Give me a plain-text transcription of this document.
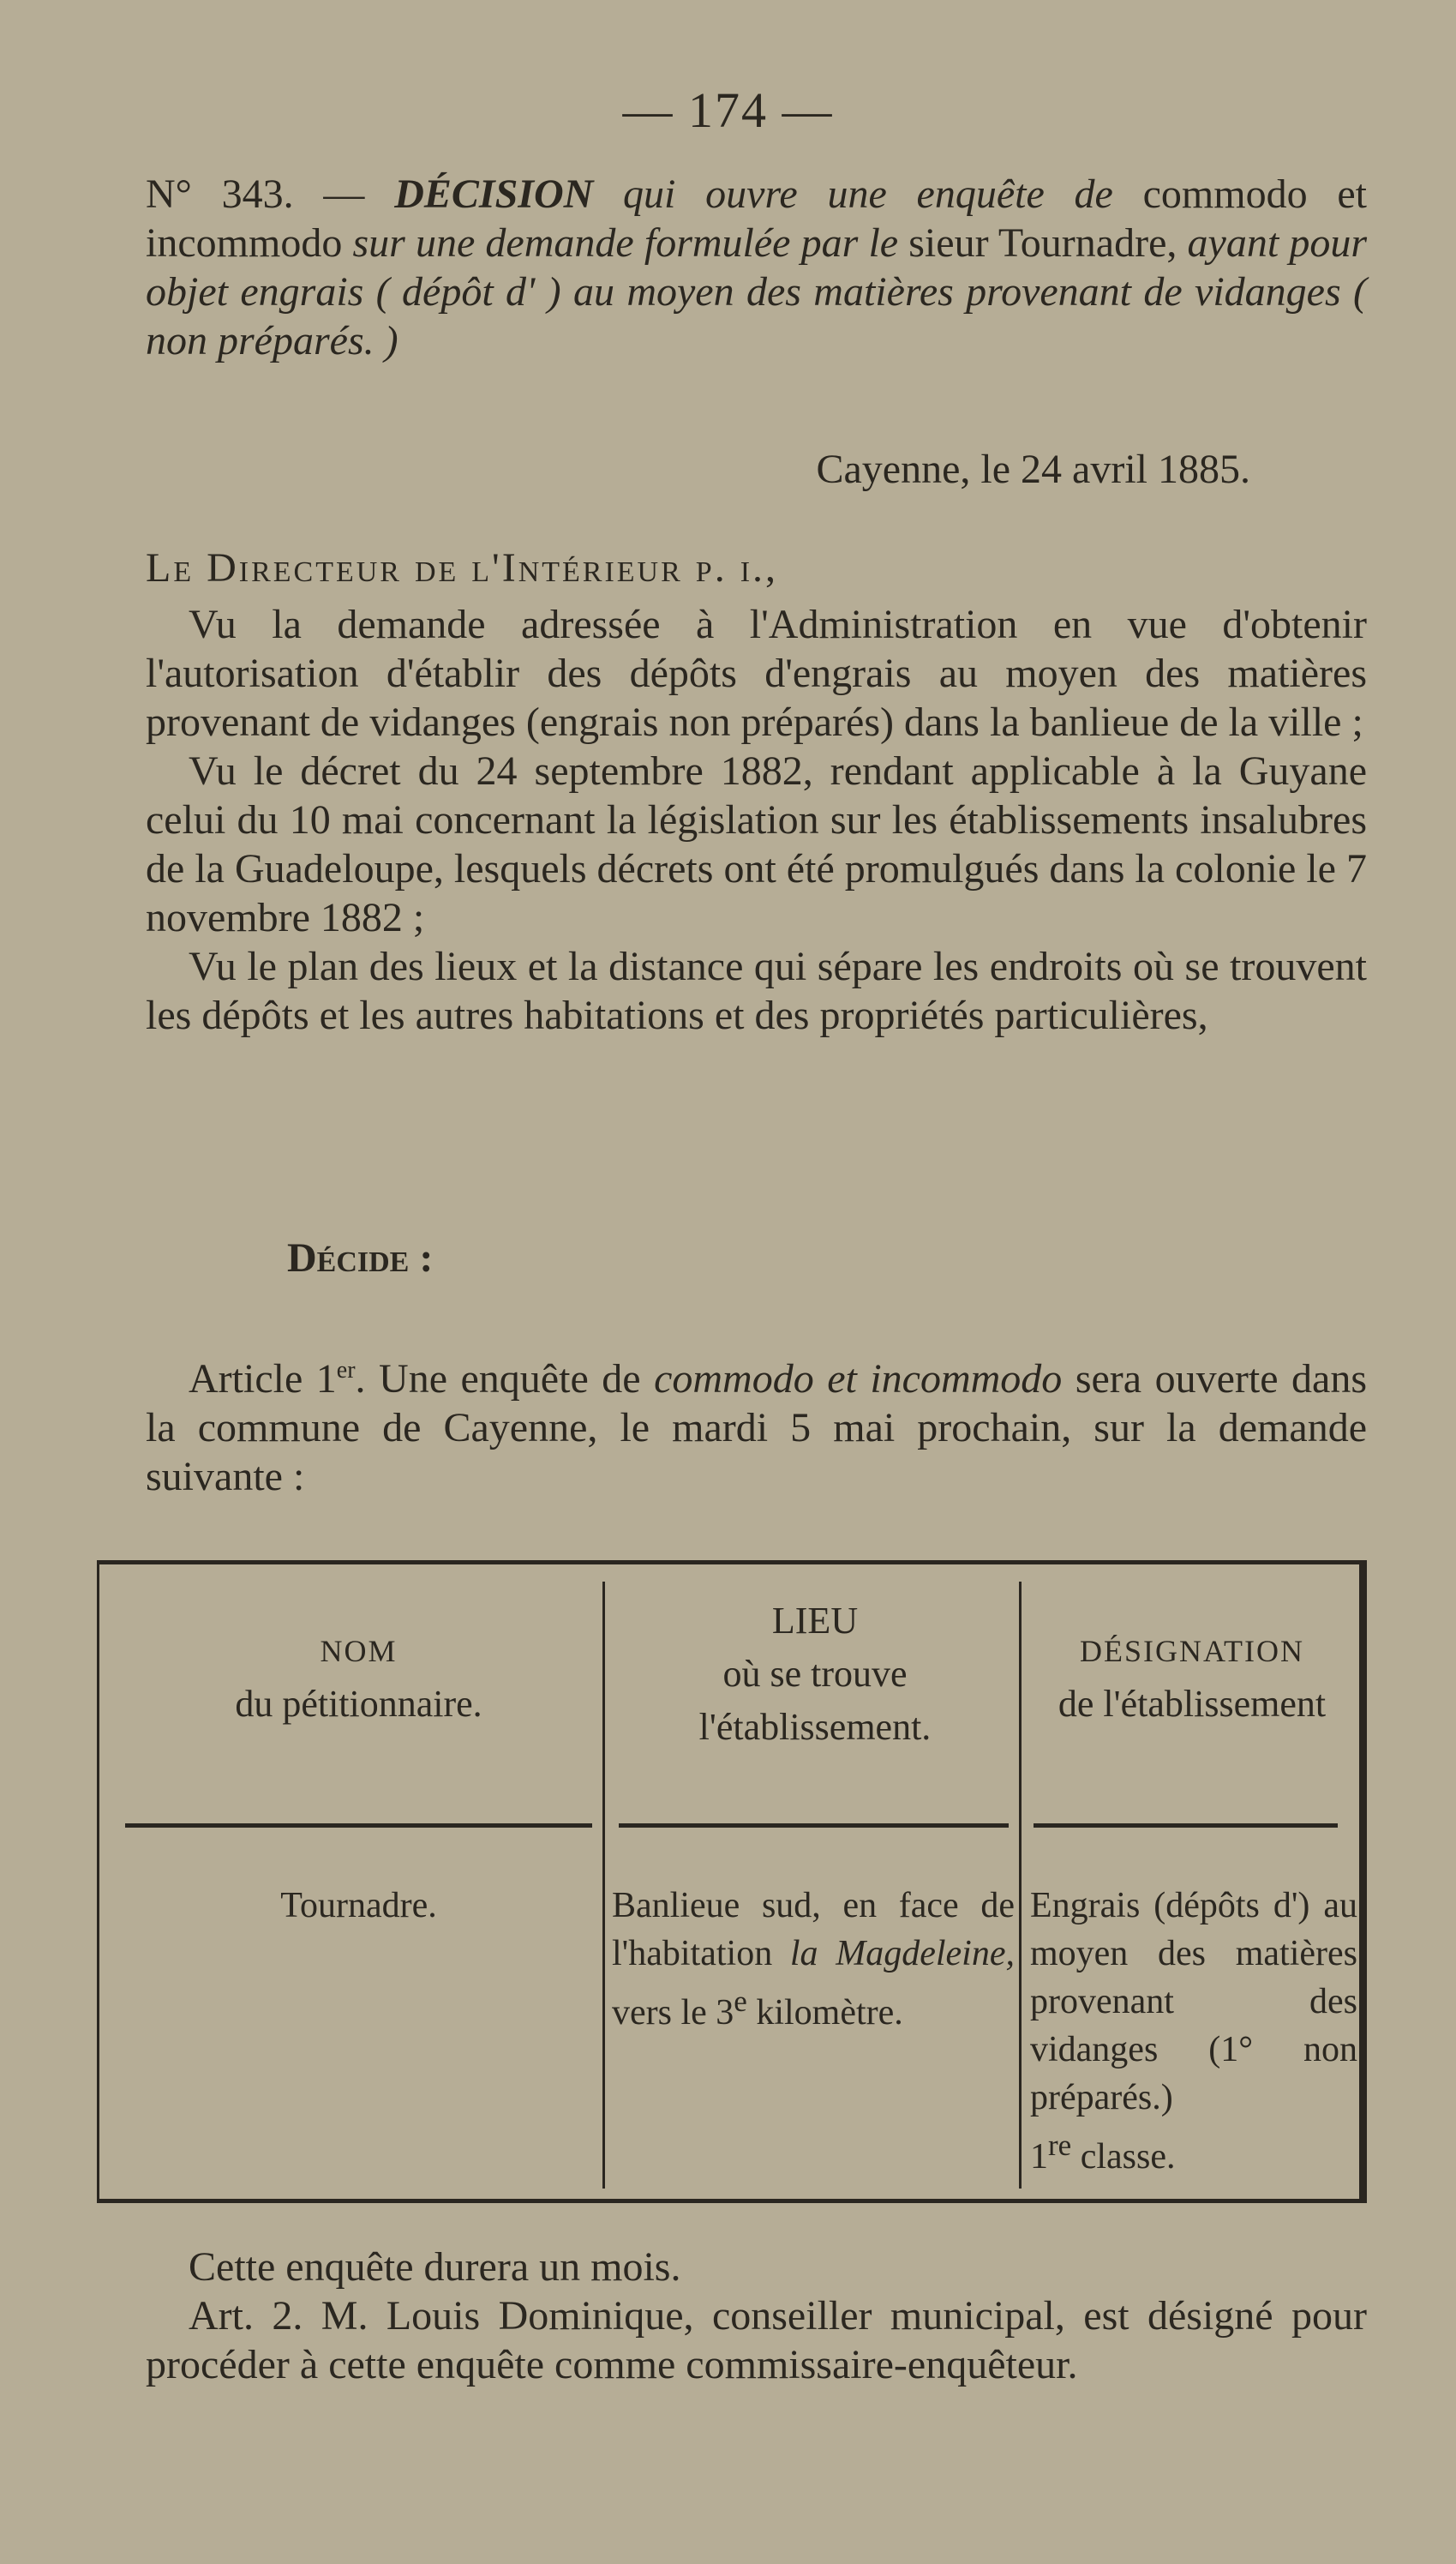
— 174 —
N° 343. — DÉCISION qui ouvre une enquête de commodo et incommodo sur une demande formulée par le sieur Tournadre, ayant pour objet engrais ( dépôt d' ) au moyen des matières provenant de vidanges ( non préparés. )
Cayenne, le 24 avril 1885.
Le Directeur de l'Intérieur p. i.,

Vu la demande adressée à l'Administration en vue d'obtenir l'autorisation d'établir des dépôts d'engrais au moyen des matières provenant de vidanges (engrais non préparés) dans la banlieue de la ville ;

Vu le décret du 24 septembre 1882, rendant applicable à la Guyane celui du 10 mai concernant la législation sur les établissements insalubres de la Guadeloupe, lesquels décrets ont été promulgués dans la colonie le 7 novembre 1882 ;

Vu le plan des lieux et la distance qui sépare les endroits où se trouvent les dépôts et les autres habitations et des propriétés particulières,

Décide :

Article 1er. Une enquête de commodo et incommodo sera ouverte dans la commune de Cayenne, le mardi 5 mai prochain, sur la demande suivante :

NOM
du pétitionnaire.
LIEU
où se trouve
l'établissement.
DÉSIGNATION
de l'établissement
Tournadre.	Banlieue sud, en face de l'habitation la Magdeleine, vers le 3e kilomètre.
Engrais (dépôts d') au moyen des matières provenant des vidanges (1° non préparés.)
1re classe.

Cette enquête durera un mois.

Art. 2. M. Louis Dominique, conseiller municipal, est désigné pour procéder à cette enquête comme commissaire-enquêteur.
